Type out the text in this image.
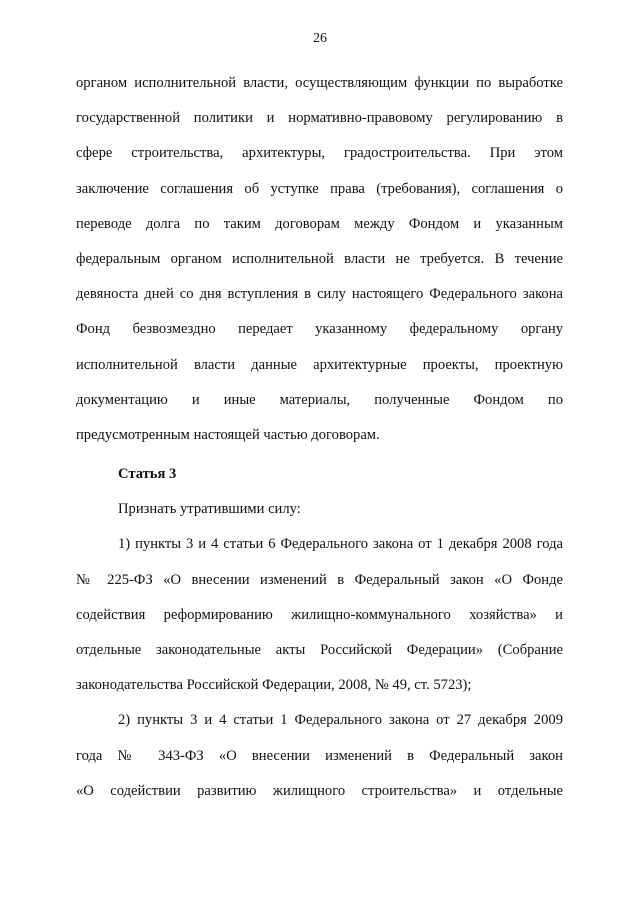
26
органом исполнительной власти, осуществляющим функции по выработке
государственной политики и нормативно-правовому регулированию в
сфере строительства, архитектуры, градостроительства. При этом
заключение соглашения об уступке права (требования), соглашения о
переводе долга по таким договорам между Фондом и указанным
федеральным органом исполнительной власти не требуется. В течение
девяноста дней со дня вступления в силу настоящего Федерального закона
Фонд безвозмездно передает указанному федеральному органу
исполнительной власти данные архитектурные проекты, проектную
документацию и иные материалы, полученные Фондом по
предусмотренным настоящей частью договорам.
Статья 3
Признать утратившими силу:
1) пункты 3 и 4 статьи 6 Федерального закона от 1 декабря 2008 года
№ 225-ФЗ «О внесении изменений в Федеральный закон «О Фонде
содействия реформированию жилищно-коммунального хозяйства» и
отдельные законодательные акты Российской Федерации» (Собрание
законодательства Российской Федерации, 2008, № 49, ст. 5723);
2) пункты 3 и 4 статьи 1 Федерального закона от 27 декабря 2009
года № 343-ФЗ «О внесении изменений в Федеральный закон
«О содействии развитию жилищного строительства» и отдельные
